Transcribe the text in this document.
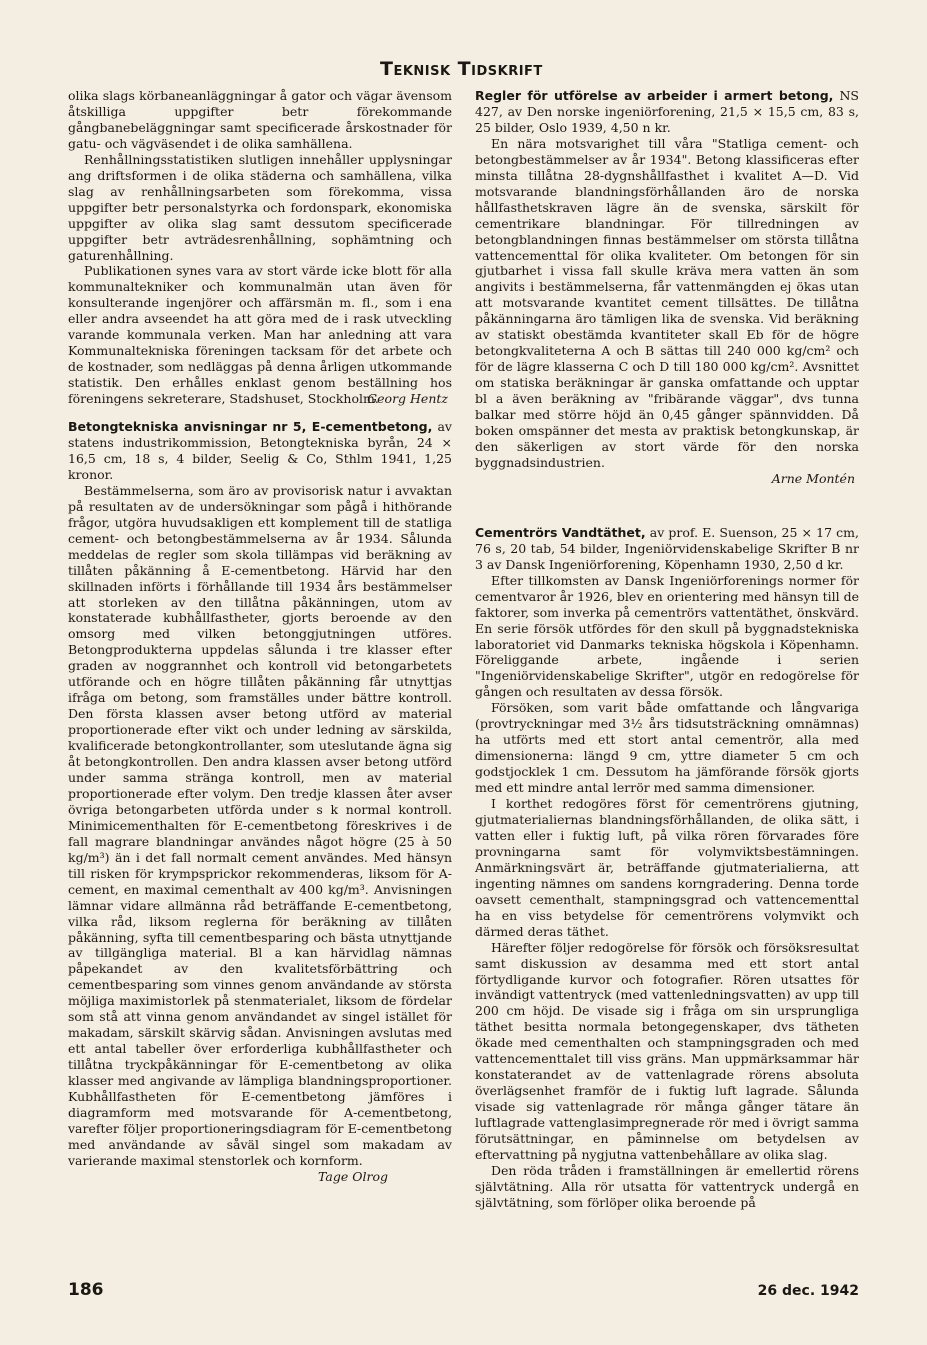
Teknisk Tidskrift

olika slags körbaneanläggningar å gator och vägar ävensom åtskilliga uppgifter betr förekommande gångbanebeläggningar samt specificerade årskostnader för gatu- och vägväsendet i de olika samhällena.

Renhållningsstatistiken slutligen innehåller upplysningar ang driftsformen i de olika städerna och samhällena, vilka slag av renhållningsarbeten som förekomma, vissa uppgifter betr personalstyrka och fordonspark, ekonomiska uppgifter av olika slag samt dessutom specificerade uppgifter betr avträdesrenhållning, sophämtning och gaturenhållning.

Publikationen synes vara av stort värde icke blott för alla kommunaltekniker och kommunalmän utan även för konsulterande ingenjörer och affärsmän m. fl., som i ena eller andra avseendet ha att göra med de i rask utveckling varande kommunala verken. Man har anledning att vara Kommunaltekniska föreningen tacksam för det arbete och de kostnader, som nedläggas på denna årligen utkommande statistik. Den erhålles enklast genom beställning hos föreningens sekreterare, Stadshuset, Stockholm.

Georg Hentz

Betongtekniska anvisningar nr 5, E-cementbetong, av statens industrikommission, Betongtekniska byrån, 24 × 16,5 cm, 18 s, 4 bilder, Seelig & Co, Sthlm 1941, 1,25 kronor.

Bestämmelserna, som äro av provisorisk natur i avvaktan på resultaten av de undersökningar som pågå i hithörande frågor, utgöra huvudsakligen ett komplement till de statliga cement- och betongbestämmelserna av år 1934. Sålunda meddelas de regler som skola tillämpas vid beräkning av tillåten påkänning å E-cementbetong. Härvid har den skillnaden införts i förhållande till 1934 års bestämmelser att storleken av den tillåtna påkänningen, utom av konstaterade kubhållfastheter, gjorts beroende av den omsorg med vilken betonggjutningen utföres. Betongprodukterna uppdelas sålunda i tre klasser efter graden av noggrannhet och kontroll vid betongarbetets utförande och en högre tillåten påkänning får utnyttjas ifråga om betong, som framställes under bättre kontroll. Den första klassen avser betong utförd av material proportionerade efter vikt och under ledning av särskilda, kvalificerade betongkontrollanter, som uteslutande ägna sig åt betongkontrollen. Den andra klassen avser betong utförd under samma stränga kontroll, men av material proportionerade efter volym. Den tredje klassen åter avser övriga betongarbeten utförda under s k normal kontroll. Minimicementhalten för E-cementbetong föreskrives i de fall magrare blandningar användes något högre (25 à 50 kg/m³) än i det fall normalt cement användes. Med hänsyn till risken för krympsprickor rekommenderas, liksom för A-cement, en maximal cementhalt av 400 kg/m³. Anvisningen lämnar vidare allmänna råd beträffande E-cementbetong, vilka råd, liksom reglerna för beräkning av tillåten påkänning, syfta till cementbesparing och bästa utnyttjande av tillgängliga material. Bl a kan härvidlag nämnas påpekandet av den kvalitetsförbättring och cementbesparing som vinnes genom användande av största möjliga maximistorlek på stenmaterialet, liksom de fördelar som stå att vinna genom användandet av singel istället för makadam, särskilt skärvig sådan. Anvisningen avslutas med ett antal tabeller över erforderliga kubhållfastheter och tillåtna tryckpåkänningar för E-cementbetong av olika klasser med angivande av lämpliga blandningsproportioner. Kubhållfastheten för E-cementbetong jämföres i diagramform med motsvarande för A-cementbetong, varefter följer proportioneringsdiagram för E-cementbetong med användande av såväl singel som makadam av varierande maximal stenstorlek och kornform.

Tage Olrog

Regler för utförelse av arbeider i armert betong, NS 427, av Den norske ingeniörforening, 21,5 × 15,5 cm, 83 s, 25 bilder, Oslo 1939, 4,50 n kr.

En nära motsvarighet till våra "Statliga cement- och betongbestämmelser av år 1934". Betong klassificeras efter minsta tillåtna 28-dygnshållfasthet i kvalitet A—D. Vid motsvarande blandningsförhållanden äro de norska hållfasthetskraven lägre än de svenska, särskilt för cementrikare blandningar. För tillredningen av betongblandningen finnas bestämmelser om största tillåtna vattencementtal för olika kvaliteter. Om betongen för sin gjutbarhet i vissa fall skulle kräva mera vatten än som angivits i bestämmelserna, får vattenmängden ej ökas utan att motsvarande kvantitet cement tillsättes. De tillåtna påkänningarna äro tämligen lika de svenska. Vid beräkning av statiskt obestämda kvantiteter skall Eb för de högre betongkvaliteterna A och B sättas till 240 000 kg/cm² och för de lägre klasserna C och D till 180 000 kg/cm². Avsnittet om statiska beräkningar är ganska omfattande och upptar bl a även beräkning av "fribärande väggar", dvs tunna balkar med större höjd än 0,45 gånger spännvidden. Då boken omspänner det mesta av praktisk betongkunskap, är den säkerligen av stort värde för den norska byggnadsindustrien.

Arne Montén

Cementrörs Vandtäthet, av prof. E. Suenson, 25 × 17 cm, 76 s, 20 tab, 54 bilder, Ingeniörvidenskabelige Skrifter B nr 3 av Dansk Ingeniörforening, Köpenhamn 1930, 2,50 d kr.

Efter tillkomsten av Dansk Ingeniörforenings normer för cementvaror år 1926, blev en orientering med hänsyn till de faktorer, som inverka på cementrörs vattentäthet, önskvärd. En serie försök utfördes för den skull på byggnadstekniska laboratoriet vid Danmarks tekniska högskola i Köpenhamn. Föreliggande arbete, ingående i serien "Ingeniörvidenskabelige Skrifter", utgör en redogörelse för gången och resultaten av dessa försök.

Försöken, som varit både omfattande och långvariga (provtryckningar med 3½ års tidsutsträckning omnämnas) ha utförts med ett stort antal cementrör, alla med dimensionerna: längd 9 cm, yttre diameter 5 cm och godstjocklek 1 cm. Dessutom ha jämförande försök gjorts med ett mindre antal lerrör med samma dimensioner.

I korthet redogöres först för cementrörens gjutning, gjutmaterialiernas blandningsförhållanden, de olika sätt, i vatten eller i fuktig luft, på vilka rören förvarades före provningarna samt för volymviktsbestämningen. Anmärkningsvärt är, beträffande gjutmaterialierna, att ingenting nämnes om sandens korngradering. Denna torde oavsett cementhalt, stampningsgrad och vattencementtal ha en viss betydelse för cementrörens volymvikt och därmed deras täthet.

Härefter följer redogörelse för försök och försöksresultat samt diskussion av desamma med ett stort antal förtydligande kurvor och fotografier. Rören utsattes för invändigt vattentryck (med vattenledningsvatten) av upp till 200 cm höjd. De visade sig i fråga om sin ursprungliga täthet besitta normala betongegenskaper, dvs tätheten ökade med cementhalten och stampningsgraden och med vattencementtalet till viss gräns. Man uppmärksammar här konstaterandet av de vattenlagrade rörens absoluta överlägsenhet framför de i fuktig luft lagrade. Sålunda visade sig vattenlagrade rör många gånger tätare än luftlagrade vattenglasimpregnerade rör med i övrigt samma förutsättningar, en påminnelse om betydelsen av eftervattning på nygjutna vattenbehållare av olika slag.

Den röda tråden i framställningen är emellertid rörens självtätning. Alla rör utsatta för vattentryck undergå en självtätning, som förlöper olika beroende på

186	26 dec. 1942
